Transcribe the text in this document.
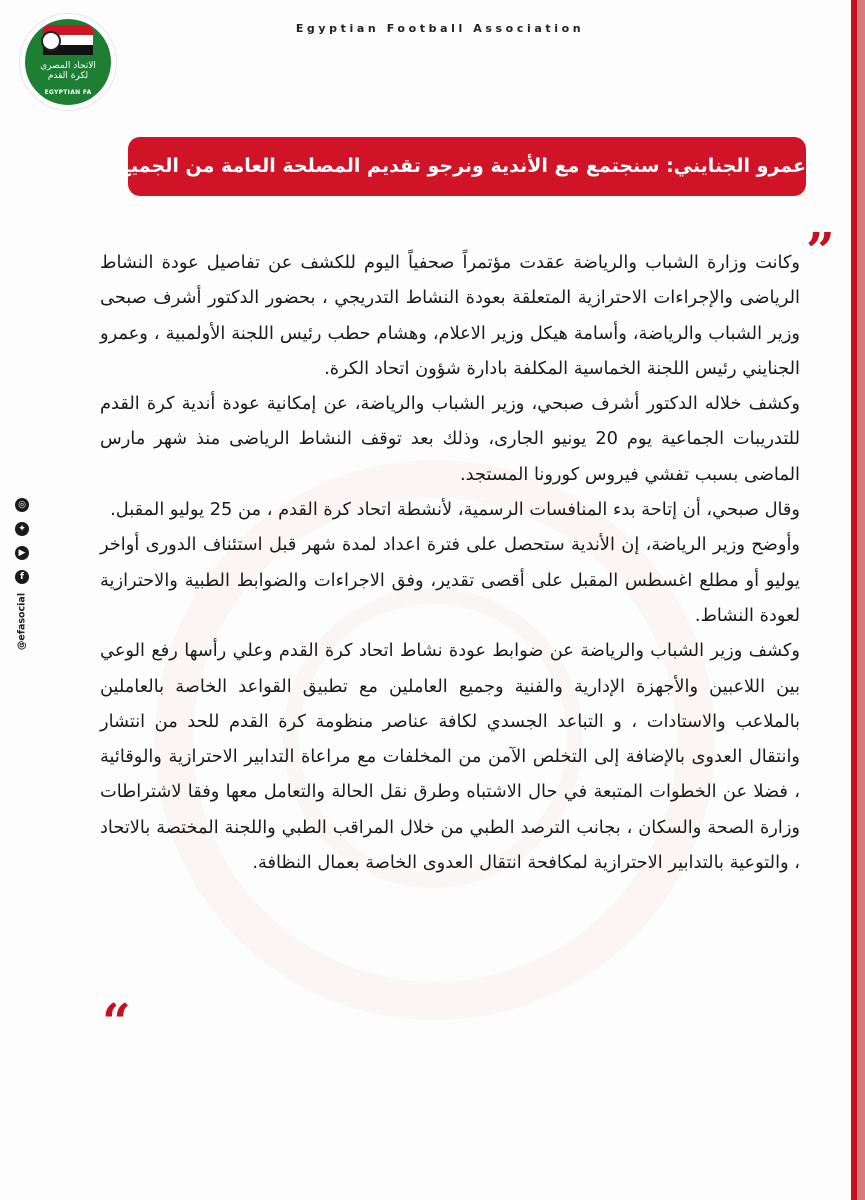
الاتحاد المصري
لكرة القدم
EGYPTIAN FA
Egyptian Football Association
عمرو الجنايني: سنجتمع مع الأندية ونرجو تقديم المصلحة العامة من الجميع
”
“

وكانت وزارة الشباب والرياضة عقدت مؤتمراً صحفياً اليوم للكشف عن تفاصيل عودة النشاط الرياضى والإجراءات الاحترازية المتعلقة بعودة النشاط التدريجي ، بحضور الدكتور أشرف صبحى وزير الشباب والرياضة، وأسامة هيكل وزير الاعلام، وهشام حطب رئيس اللجنة الأولمبية ، وعمرو الجنايني رئيس اللجنة الخماسية المكلفة بادارة شؤون اتحاد الكرة.

وكشف خلاله الدكتور أشرف صبحي، وزير الشباب والرياضة، عن إمكانية عودة أندية كرة القدم للتدريبات الجماعية يوم 20 يونيو الجارى، وذلك بعد توقف النشاط الرياضى منذ شهر مارس الماضى بسبب تفشي فيروس كورونا المستجد.

وقال صبحي، أن إتاحة بدء المنافسات الرسمية، لأنشطة اتحاد كرة القدم ، من 25 يوليو المقبل.

وأوضح وزير الرياضة، إن الأندية ستحصل على فترة اعداد لمدة شهر قبل استئناف الدورى أواخر يوليو أو مطلع اغسطس المقبل على أقصى تقدير، وفق الاجراءات والضوابط الطبية والاحترازية لعودة النشاط.

وكشف وزير الشباب والرياضة عن ضوابط عودة نشاط اتحاد كرة القدم وعلي رأسها رفع الوعي بين اللاعبين والأجهزة الإدارية والفنية وجميع العاملين مع تطبيق القواعد الخاصة بالعاملين بالملاعب والاستادات ، و التباعد الجسدي لكافة عناصر منظومة كرة القدم للحد من انتشار وانتقال العدوى بالإضافة إلى التخلص الآمن من المخلفات مع مراعاة التدابير الاحترازية والوقائية ، فضلا عن الخطوات المتبعة في حال الاشتباه وطرق نقل الحالة والتعامل معها وفقا لاشتراطات وزارة الصحة والسكان ، بجانب الترصد الطبي من خلال المراقب الطبي واللجنة المختصة بالاتحاد ، والتوعية بالتدابير الاحترازية لمكافحة انتقال العدوى الخاصة بعمال النظافة.

◎
✦
▶
f
@efasocial
